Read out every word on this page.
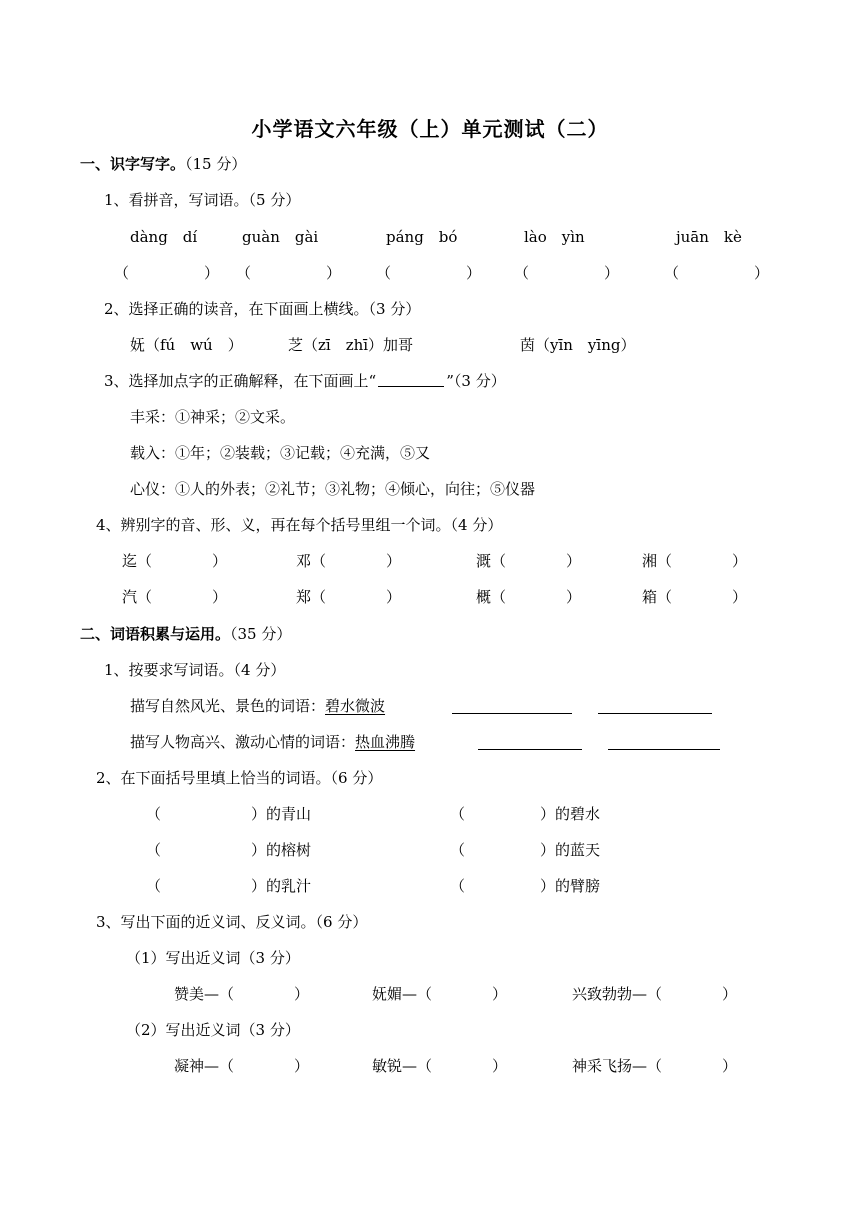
小学语文六年级（上）单元测试（二）
一、识字写字。（15 分）
1、看拼音，写词语。（5 分）
dàng　dí	guàn　gài	páng　bó	lào　yìn	juān　kè
（　　　　　） （　　　　　） （　　　　　） （　　　　　）	（　　　　　）
2、选择正确的读音，在下面画上横线。（3 分）
妩（fú　wú　）	芝（zī　zhī）加哥	茵（yīn　yīng）
3、选择加点字的正确解释，在下面画上“	”（3 分）
丰采：①神采；②文采。
载入：①年；②装载；③记载；④充满，⑤又
心仪：①人的外表；②礼节；③礼物；④倾心，向往；⑤仪器
4、辨别字的音、形、义，再在每个括号里组一个词。（4 分）
迄（　　　　）	邓（　　　　）	溉（　　　　）	湘（　　　　）
汽（　　　　）	郑（　　　　）	概（　　　　）	箱（　　　　）
二、词语积累与运用。（35 分）
1、按要求写词语。（4 分）
描写自然风光、景色的词语：碧水微波
描写人物高兴、激动心情的词语：热血沸腾
2、在下面括号里填上恰当的词语。（6 分）
（　　　　　　）的青山	（　　　　　）的碧水
（　　　　　　）的榕树	（　　　　　）的蓝天
（　　　　　　）的乳汁	（　　　　　）的臂膀
3、写出下面的近义词、反义词。（6 分）
（1）写出近义词（3 分）
赞美—（　　　　）	妩媚—（　　　　）	兴致勃勃—（　　　　）
（2）写出近义词（3 分）
凝神—（　　　　）	敏锐—（　　　　）	神采飞扬—（　　　　）
